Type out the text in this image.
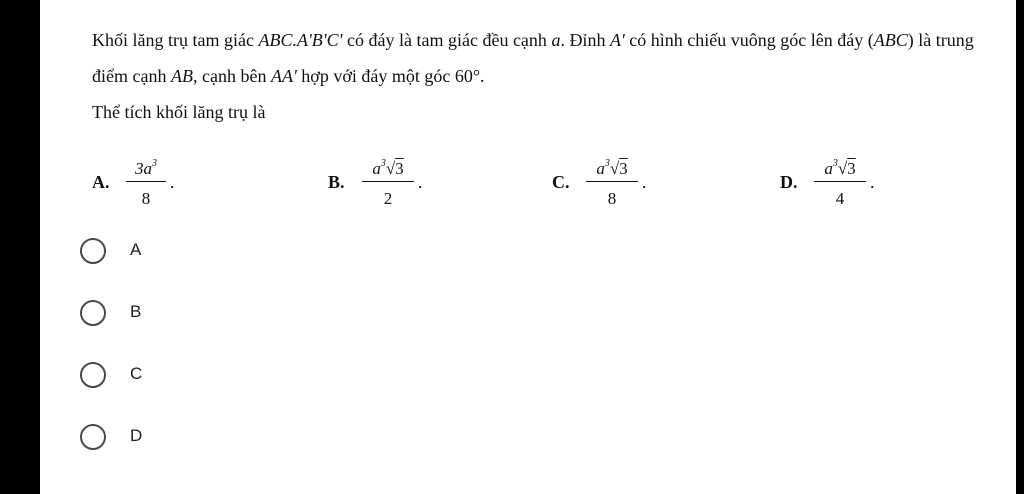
Khối lăng trụ tam giác ABC.A'B'C' có đáy là tam giác đều cạnh a. Đỉnh A' có hình chiếu vuông góc lên đáy (ABC) là trung điểm cạnh AB, cạnh bên AA' hợp với đáy một góc 60°.
Thể tích khối lăng trụ là
A.
$3a^3$
8
.	B.
$a^3√3$
2
.	C.
$a^3√3$
8
.	D.
$a^3√3$
4
.
A
B
C
D
